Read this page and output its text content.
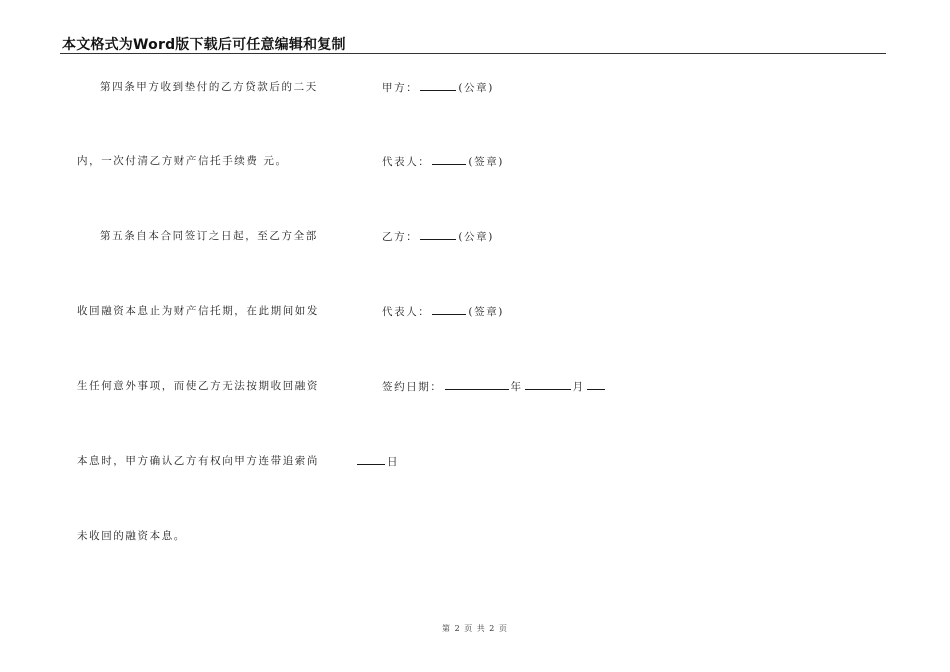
本文格式为Word版下载后可任意编辑和复制
第四条甲方收到垫付的乙方贷款后的二天
内，一次付清乙方财产信托手续费 元。
第五条自本合同签订之日起，至乙方全部
收回融资本息止为财产信托期，在此期间如发
生任何意外事项，而使乙方无法按期收回融资
本息时，甲方确认乙方有权向甲方连带追索尚
未收回的融资本息。
甲方：	(公章)
代表人：	(签章)
乙方：	(公章)
代表人：	(签章)
签约日期：	年	月
日
第 2 页 共 2 页
